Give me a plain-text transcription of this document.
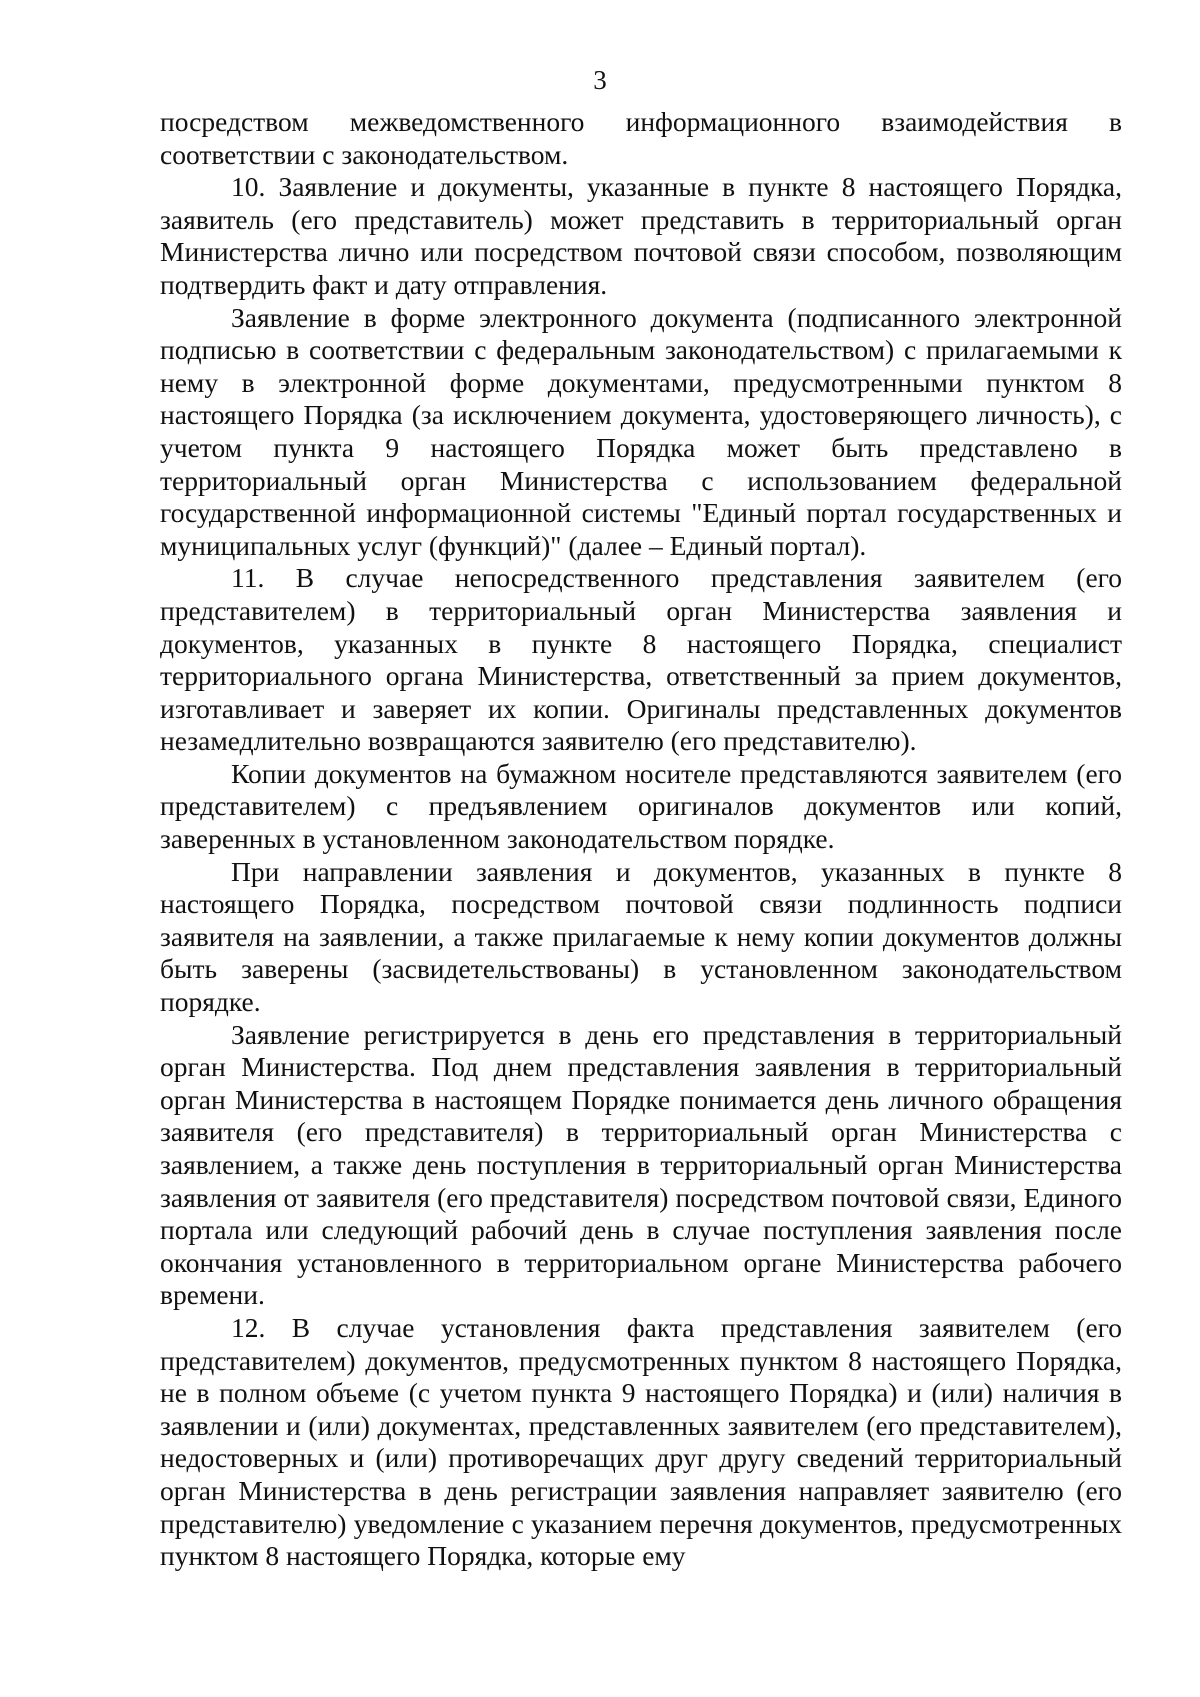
3

посредством межведомственного информационного взаимодействия в соответствии с законодательством.

10. Заявление и документы, указанные в пункте 8 настоящего Порядка, заявитель (его представитель) может представить в территориальный орган Министерства лично или посредством почтовой связи способом, позволяющим подтвердить факт и дату отправления.

Заявление в форме электронного документа (подписанного электронной подписью в соответствии с федеральным законодательством) с прилагаемыми к нему в электронной форме документами, предусмотренными пунктом 8 настоящего Порядка (за исключением документа, удостоверяющего личность), с учетом пункта 9 настоящего Порядка может быть представлено в территориальный орган Министерства с использованием федеральной государственной информационной системы "Единый портал государственных и муниципальных услуг (функций)" (далее – Единый портал).

11. В случае непосредственного представления заявителем (его представителем) в территориальный орган Министерства заявления и документов, указанных в пункте 8 настоящего Порядка, специалист территориального органа Министерства, ответственный за прием документов, изготавливает и заверяет их копии. Оригиналы представленных документов незамедлительно возвращаются заявителю (его представителю).

Копии документов на бумажном носителе представляются заявителем (его представителем) с предъявлением оригиналов документов или копий, заверенных в установленном законодательством порядке.

При направлении заявления и документов, указанных в пункте 8 настоящего Порядка, посредством почтовой связи подлинность подписи заявителя на заявлении, а также прилагаемые к нему копии документов должны быть заверены (засвидетельствованы) в установленном законодательством порядке.

Заявление регистрируется в день его представления в территориальный орган Министерства. Под днем представления заявления в территориальный орган Министерства в настоящем Порядке понимается день личного обращения заявителя (его представителя) в территориальный орган Министерства с заявлением, а также день поступления в территориальный орган Министерства заявления от заявителя (его представителя) посредством почтовой связи, Единого портала или следующий рабочий день в случае поступления заявления после окончания установленного в территориальном органе Министерства рабочего времени.

12. В случае установления факта представления заявителем (его представителем) документов, предусмотренных пунктом 8 настоящего Порядка, не в полном объеме (с учетом пункта 9 настоящего Порядка) и (или) наличия в заявлении и (или) документах, представленных заявителем (его представителем), недостоверных и (или) противоречащих друг другу сведений территориальный орган Министерства в день регистрации заявления направляет заявителю (его представителю) уведомление с указанием перечня документов, предусмотренных пунктом 8 настоящего Порядка, которые ему
